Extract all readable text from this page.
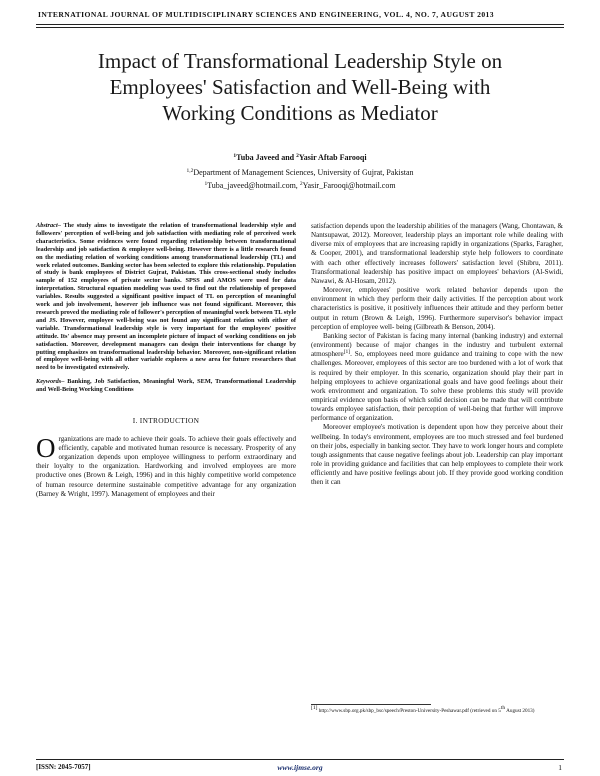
INTERNATIONAL JOURNAL OF MULTIDISCIPLINARY SCIENCES AND ENGINEERING, VOL. 4, NO. 7, AUGUST 2013
Impact of Transformational Leadership Style on
Employees' Satisfaction and Well-Being with
Working Conditions as Mediator
$^1$Tuba Javeed and $^2$Yasir Aftab Farooqi
$^{1,2}$Department of Management Sciences, University of Gujrat, Pakistan
$^1$Tuba_javeed@hotmail.com, $^2$Yasir_Farooqi@hotmail.com

Abstract– The study aims to investigate the relation of transformational leadership style and followers' perception of well-being and job satisfaction with mediating role of perceived work characteristics. Some evidences were found regarding relationship between transformational leadership and job satisfaction & employee well-being. However there is a little research found on the mediating relation of working conditions among transformational leadership (TL) and work related outcomes. Banking sector has been selected to explore this relationship. Population of study is bank employees of District Gujrat, Pakistan. This cross-sectional study includes sample of 152 employees of private sector banks. SPSS and AMOS were used for data interpretation. Structural equation modeling was used to find out the relationship of proposed variables. Results suggested a significant positive impact of TL on perception of meaningful work and job involvement, however job influence was not found significant. Moreover, this research proved the mediating role of follower's perception of meaningful work between TL style and JS. However, employee well-being was not found any significant relation with either of variable. Transformational leadership style is very important for the employees' positive attitude. Its' absence may present an incomplete picture of impact of working conditions on job satisfaction. Moreover, development managers can design their interventions for change by putting emphasizes on transformational leadership behavior. Moreover, non-significant relation of employee well-being with all other variable explores a new area for future researchers that need to be investigated extensively.

Keywords– Banking, Job Satisfaction, Meaningful Work, SEM, Transformational Leadership and Well-Being Working Conditions

I. INTRODUCTION

Organizations are made to achieve their goals. To achieve their goals effectively and efficiently, capable and motivated human resource is necessary. Prosperity of any organization depends upon employee willingness to perform extraordinary and their loyalty to the organization. Hardworking and involved employees are more productive ones (Brown & Leigh, 1996) and in this highly competitive world competence of human resource determine sustainable competitive advantage for any organization (Barney & Wright, 1997). Management of employees and their

satisfaction depends upon the leadership abilities of the managers (Wang, Chontawan, & Nantsupawat, 2012). Moreover, leadership plays an important role while dealing with diverse mix of employees that are increasing rapidly in organizations (Sparks, Faragher, & Cooper, 2001), and transformational leadership style help followers to coordinate with each other effectively increases followers' satisfaction level (Shibru, 2011). Transformational leadership has positive impact on employees' behaviors (Al-Swidi, Nawawi, & Al-Hosam, 2012).

Moreover, employees' positive work related behavior depends upon the environment in which they perform their daily activities. If the perception about work characteristics is positive, it positively influences their attitude and they perform better output in return (Brown & Leigh, 1996). Furthermore supervisor's behavior impact perception of employee well- being (Gilbreath & Benson, 2004).

Banking sector of Pakistan is facing many internal (banking industry) and external (environment) because of major changes in the industry and turbulent external atmosphere[1]. So, employees need more guidance and training to cope with the new challenges. Moreover, employees of this sector are too burdened with a lot of work that is required by their employer. In this scenario, organization should play their part in helping employees to achieve organizational goals and have good feelings about their work environment and organization. To solve these problems this study will provide empirical evidence upon basis of which solid decision can be made that will contribute towards employee satisfaction, their perception of well-being that further will improve performance of organization.

Moreover employee's motivation is dependent upon how they perceive about their wellbeing. In today's environment, employees are too much stressed and feel burdened on their jobs, especially in banking sector. They have to work longer hours and complete tough assignments that cause negative feelings about job. Leadership can play important role in providing guidance and facilities that can help employees to complete their work efficiently and have positive feelings about job. If they provide good working condition then it can

[1] http://www.sbp.org.pk/sbp_bsc/speech/Preston-University-Peshawar.pdf (retrieved on 5th August 2013)
[ISSN: 2045-7057]	www.ijmse.org	1
